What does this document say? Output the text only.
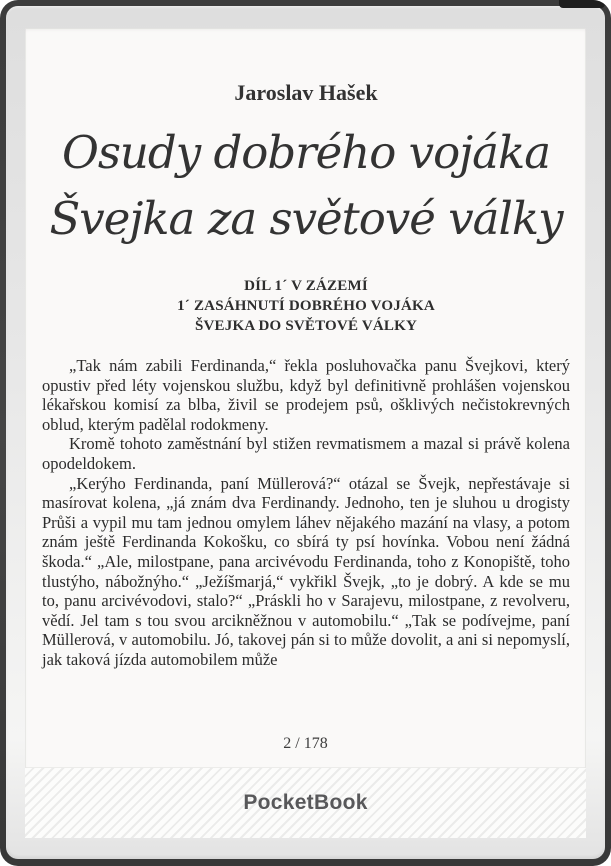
Jaroslav Hašek
Osudy dobrého vojáka
Švejka za světové války
DÍL 1´ V ZÁZEMÍ
1´ ZASÁHNUTÍ DOBRÉHO VOJÁKA
ŠVEJKA DO SVĚTOVÉ VÁLKY

„Tak nám zabili Ferdinanda,“ řekla posluhovačka panu Švejkovi, který opustiv před léty vojenskou službu, když byl definitivně prohlášen vojenskou lékařskou komisí za blba, živil se prodejem psů, ošklivých nečistokrevných oblud, kterým padělal rodokmeny.

Kromě tohoto zaměstnání byl stižen revmatismem a mazal si právě kolena opodeldokem.

„Kerýho Ferdinanda, paní Müllerová?“ otázal se Švejk, nepřestávaje si masírovat kolena, „já znám dva Ferdinandy. Jednoho, ten je sluhou u drogisty Průši a vypil mu tam jednou omylem láhev nějakého mazání na vlasy, a potom znám ještě Ferdinanda Kokošku, co sbírá ty psí hovínka. Vobou není žádná škoda.“ „Ale, milostpane, pana arcivévodu Ferdinanda, toho z Konopiště, toho tlustýho, nábožnýho.“ „Ježíšmarjá,“ vykřikl Švejk, „to je dobrý. A kde se mu to, panu arcivévodovi, stalo?“ „Práskli ho v Sarajevu, milostpane, z revolveru, vědí. Jel tam s tou svou arcikněžnou v automobilu.“ „Tak se podívejme, paní Müllerová, v automobilu. Jó, takovej pán si to může dovolit, a ani si nepomyslí, jak taková jízda automobilem může

2 / 178
PocketBook
